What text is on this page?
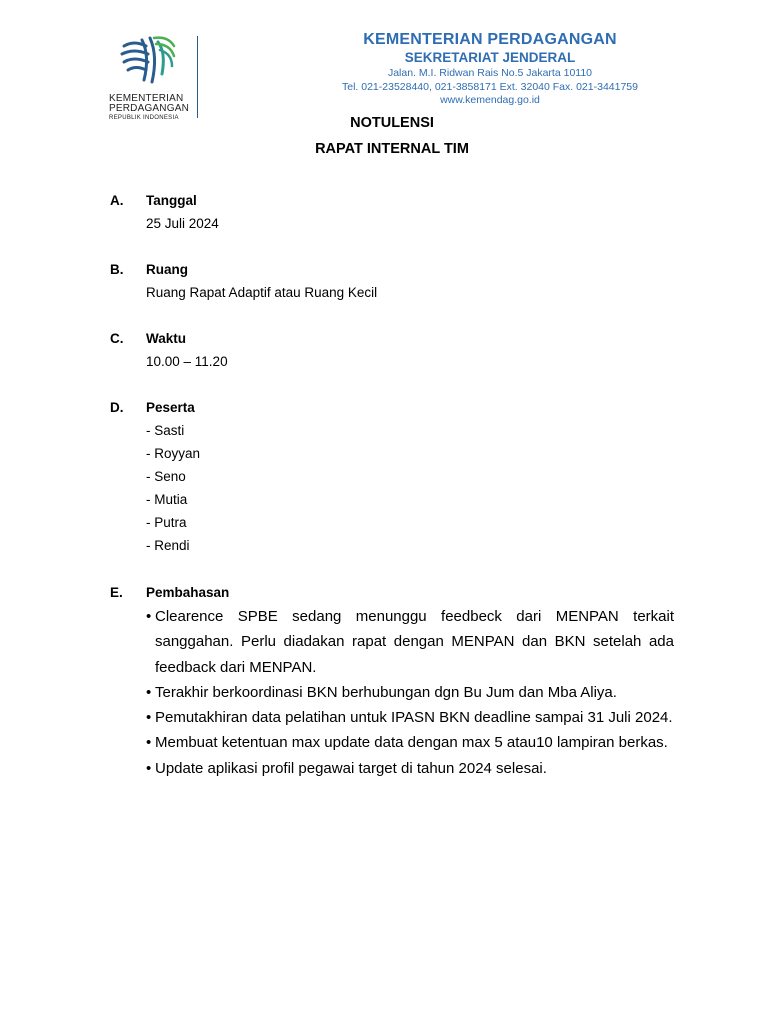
KEMENTERIAN
PERDAGANGAN
REPUBLIK INDONESIA
KEMENTERIAN PERDAGANGAN
SEKRETARIAT JENDERAL
Jalan. M.I. Ridwan Rais No.5 Jakarta 10110
Tel. 021-23528440, 021-3858171 Ext. 32040 Fax. 021-3441759
www.kemendag.go.id
NOTULENSI
RAPAT INTERNAL TIM
A. Tanggal
25 Juli 2024
B. Ruang
Ruang Rapat Adaptif atau Ruang Kecil
C. Waktu
10.00 – 11.20
D. Peserta
- Sasti
- Royyan
- Seno
- Mutia
- Putra
- Rendi
E. Pembahasan
• Clearence SPBE sedang menunggu feedbeck dari MENPAN terkait sanggahan. Perlu diadakan rapat dengan MENPAN dan BKN setelah ada feedback dari MENPAN.
• Terakhir berkoordinasi BKN berhubungan dgn Bu Jum dan Mba Aliya.
• Pemutakhiran data pelatihan untuk IPASN BKN deadline sampai 31 Juli 2024.
• Membuat ketentuan max update data dengan max 5 atau10 lampiran berkas.
• Update aplikasi profil pegawai target di tahun 2024 selesai.
